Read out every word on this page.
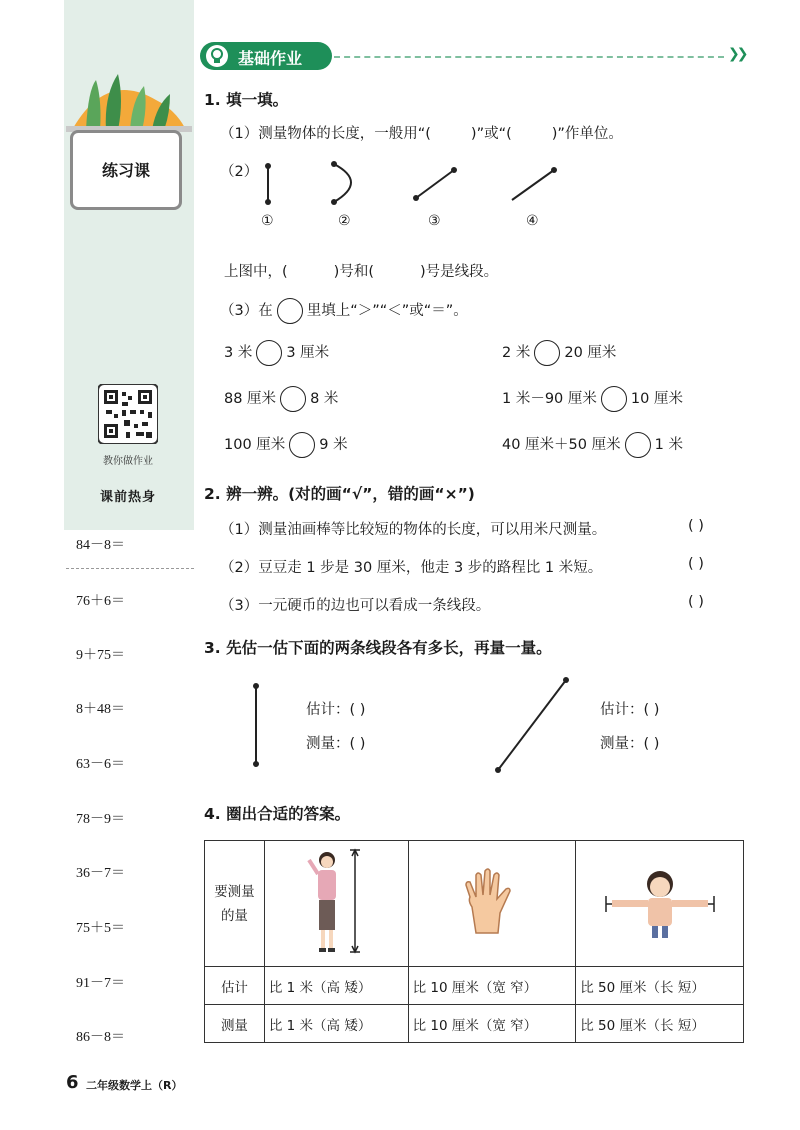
练习课
教你做作业
课前热身
84－8＝
76＋6＝
9＋75＝
8＋48＝
63－6＝
78－9＝
36－7＝
75＋5＝
91－7＝
86－8＝
基础作业	❯❯
1. 填一填。
（1）测量物体的长度，一般用“(	)”或“(	)”作单位。
（2）
①	②	③	④
上图中，(	)号和(	)号是线段。
（3）在 里填上“＞”“＜”或“＝”。
3 米 3 厘米	2 米 20 厘米
88 厘米 8 米	1 米－90 厘米 10 厘米
100 厘米 9 米	40 厘米＋50 厘米 1 米
2. 辨一辨。(对的画“√”，错的画“×”)
（1）测量油画棒等比较短的物体的长度，可以用米尺测量。	( )
（2）豆豆走 1 步是 30 厘米，他走 3 步的路程比 1 米短。	( )
（3）一元硬币的边也可以看成一条线段。	( )
3. 先估一估下面的两条线段各有多长，再量一量。
估计：( )
测量：( )
估计：( )
测量：( )
4. 圈出合适的答案。
要测量的量

估计	比 1 米（高 矮）	比 10 厘米（宽 窄）	比 50 厘米（长 短）
测量	比 1 米（高 矮）	比 10 厘米（宽 窄）	比 50 厘米（长 短）
6 二年级数学上（R）
